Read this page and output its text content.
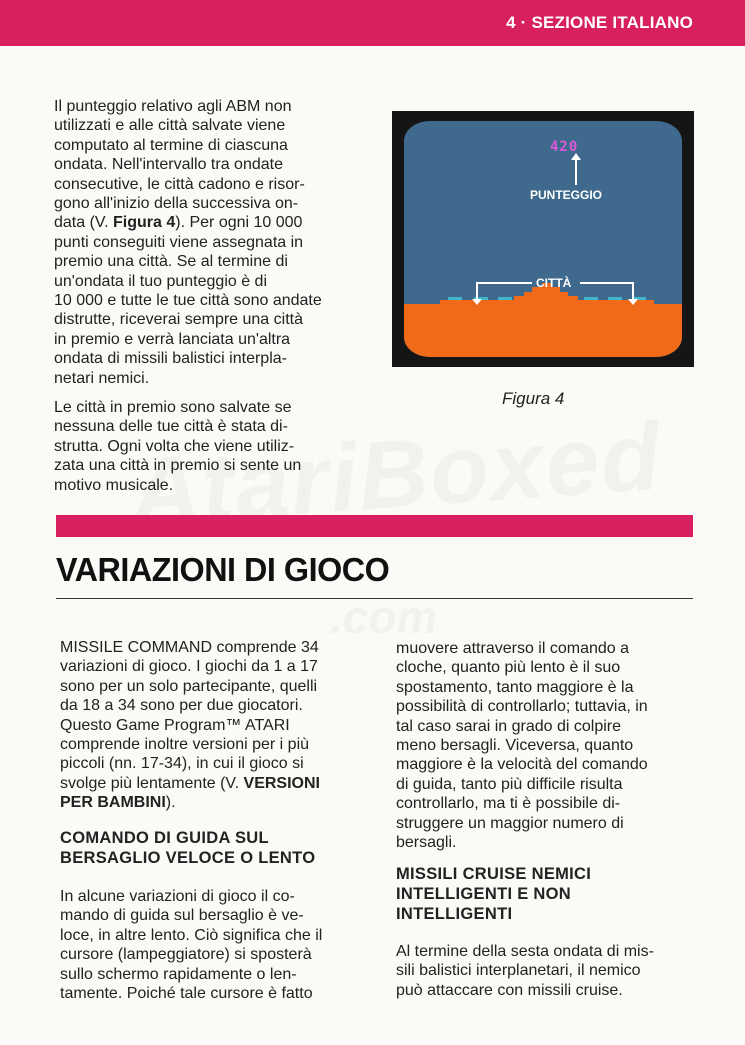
4 · SEZIONE ITALIANO

Il punteggio relativo agli ABM non
utilizzati e alle città salvate viene
computato al termine di ciascuna
ondata. Nell'intervallo tra ondate
consecutive, le città cadono e risor-
gono all'inizio della successiva on-
data (V. Figura 4). Per ogni 10 000
punti conseguiti viene assegnata in
premio una città. Se al termine di
un'ondata il tuo punteggio è di
10 000 e tutte le tue città sono andate
distrutte, riceverai sempre una città
in premio e verrà lanciata un'altra
ondata di missili balistici interpla-
netari nemici.

Le città in premio sono salvate se
nessuna delle tue città è stata di-
strutta. Ogni volta che viene utiliz-
zata una città in premio si sente un
motivo musicale.

420
PUNTEGGIO
CITTÀ
Figura 4
VARIAZIONI DI GIOCO

MISSILE COMMAND comprende 34
variazioni di gioco. I giochi da 1 a 17
sono per un solo partecipante, quelli
da 18 a 34 sono per due giocatori.
Questo Game Program™ ATARI
comprende inoltre versioni per i più
piccoli (nn. 17-34), in cui il gioco si
svolge più lentamente (V. VERSIONI
PER BAMBINI).

COMANDO DI GUIDA SUL
BERSAGLIO VELOCE O LENTO

In alcune variazioni di gioco il co-
mando di guida sul bersaglio è ve-
loce, in altre lento. Ciò significa che il
cursore (lampeggiatore) si sposterà
sullo schermo rapidamente o len-
tamente. Poiché tale cursore è fatto

muovere attraverso il comando a
cloche, quanto più lento è il suo
spostamento, tanto maggiore è la
possibilità di controllarlo; tuttavia, in
tal caso sarai in grado di colpire
meno bersagli. Viceversa, quanto
maggiore è la velocità del comando
di guida, tanto più difficile risulta
controllarlo, ma ti è possibile di-
struggere un maggior numero di
bersagli.

MISSILI CRUISE NEMICI
INTELLIGENTI E NON
INTELLIGENTI

Al termine della sesta ondata di mis-
sili balistici interplanetari, il nemico
può attaccare con missili cruise.
